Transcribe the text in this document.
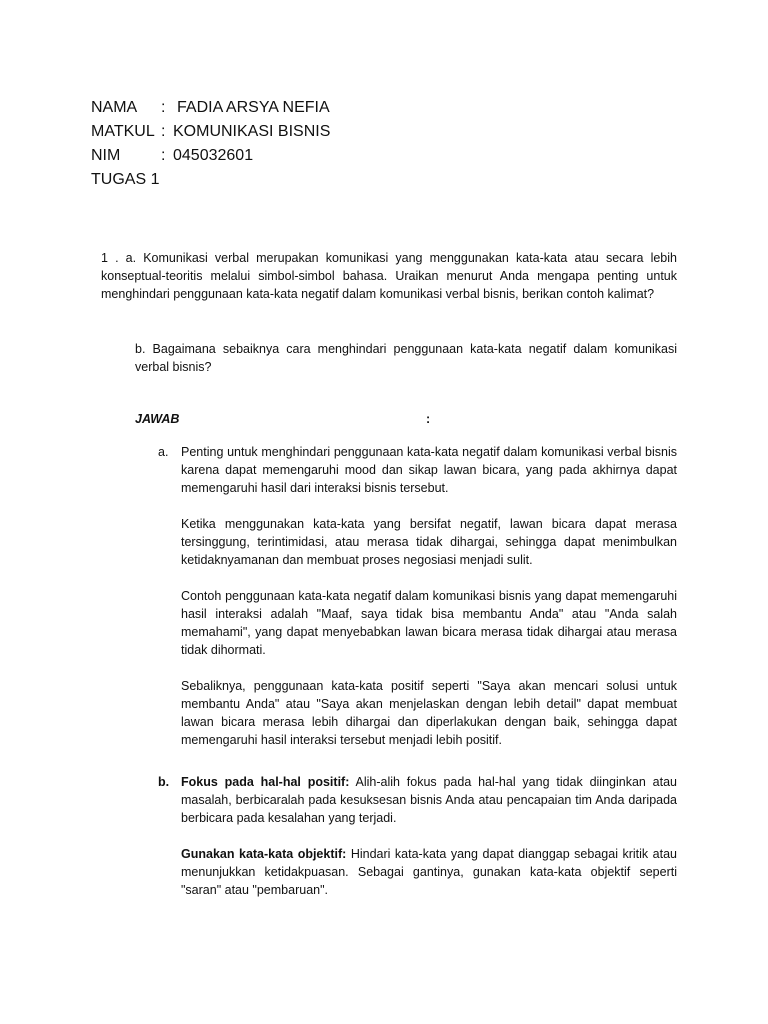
NAMA	: FADIA ARSYA NEFIA
MATKUL : KOMUNIKASI BISNIS
NIM	: 045032601
TUGAS 1
1 . a. Komunikasi verbal merupakan komunikasi yang menggunakan kata-kata atau secara lebih konseptual-teoritis melalui simbol-simbol bahasa. Uraikan menurut Anda mengapa penting untuk menghindari penggunaan kata-kata negatif dalam komunikasi verbal bisnis, berikan contoh kalimat?
b. Bagaimana sebaiknya cara menghindari penggunaan kata-kata negatif dalam komunikasi verbal bisnis?
JAWAB	:
a.	Penting untuk menghindari penggunaan kata-kata negatif dalam komunikasi verbal bisnis karena dapat memengaruhi mood dan sikap lawan bicara, yang pada akhirnya dapat memengaruhi hasil dari interaksi bisnis tersebut.

Ketika menggunakan kata-kata yang bersifat negatif, lawan bicara dapat merasa tersinggung, terintimidasi, atau merasa tidak dihargai, sehingga dapat menimbulkan ketidaknyamanan dan membuat proses negosiasi menjadi sulit.

Contoh penggunaan kata-kata negatif dalam komunikasi bisnis yang dapat memengaruhi hasil interaksi adalah "Maaf, saya tidak bisa membantu Anda" atau "Anda salah memahami", yang dapat menyebabkan lawan bicara merasa tidak dihargai atau merasa tidak dihormati.

Sebaliknya, penggunaan kata-kata positif seperti "Saya akan mencari solusi untuk membantu Anda" atau "Saya akan menjelaskan dengan lebih detail" dapat membuat lawan bicara merasa lebih dihargai dan diperlakukan dengan baik, sehingga dapat memengaruhi hasil interaksi tersebut menjadi lebih positif.

b. Fokus pada hal-hal positif: Alih-alih fokus pada hal-hal yang tidak diinginkan atau masalah, berbicaralah pada kesuksesan bisnis Anda atau pencapaian tim Anda daripada berbicara pada kesalahan yang terjadi.

Gunakan kata-kata objektif: Hindari kata-kata yang dapat dianggap sebagai kritik atau menunjukkan ketidakpuasan. Sebagai gantinya, gunakan kata-kata objektif seperti "saran" atau "pembaruan".
